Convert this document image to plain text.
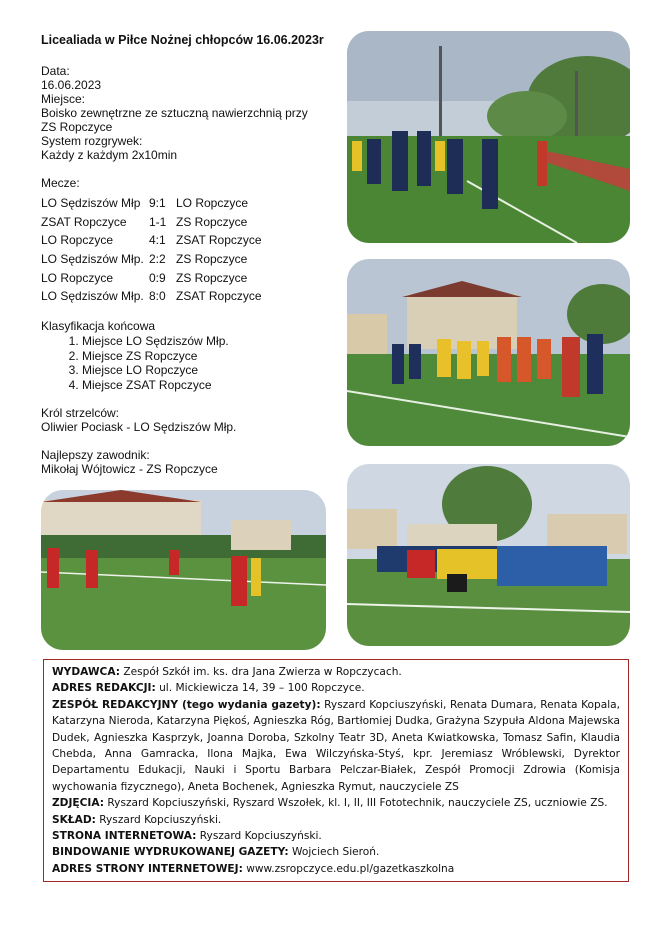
Licealiada w Piłce Nożnej chłopców 16.06.2023r
Data:
16.06.2023
Miejsce:
Boisko zewnętrzne ze sztuczną nawierzchnią przy
ZS Ropczyce
System rozgrywek:
Każdy z każdym 2x10min
Mecze:
LO Sędziszów Młp	9:1	LO Ropczyce
ZSAT Ropczyce	1-1	ZS Ropczyce
LO Ropczyce	4:1	ZSAT Ropczyce
LO Sędziszów Młp.	2:2	ZS Ropczyce
LO Ropczyce	0:9	ZS Ropczyce
LO Sędziszów Młp.	8:0	ZSAT Ropczyce
Klasyfikacja końcowa
1. Miejsce LO Sędziszów Młp.
2. Miejsce ZS Ropczyce
3. Miejsce LO Ropczyce
4. Miejsce ZSAT Ropczyce
Król strzelców:
Oliwier Pociask - LO Sędziszów Młp.
Najlepszy zawodnik:
Mikołaj Wójtowicz - ZS Ropczyce

WYDAWCA: Zespół Szkół im. ks. dra Jana Zwierza w Ropczycach.

ADRES REDAKCJI: ul. Mickiewicza 14, 39 – 100 Ropczyce.

ZESPÓŁ REDAKCYJNY (tego wydania gazety): Ryszard Kopciuszyński, Renata Dumara, Renata Kopala, Katarzyna Nieroda, Katarzyna Piękoś, Agnieszka Róg, Bartłomiej Dudka, Grażyna Szypuła Aldona Majewska Dudek, Agnieszka Kasprzyk, Joanna Doroba, Szkolny Teatr 3D, Aneta Kwiatkowska, Tomasz Safin, Klaudia Chebda, Anna Gamracka, Ilona Majka, Ewa Wilczyńska-Styś, kpr. Jeremiasz Wróblewski, Dyrektor Departamentu Edukacji, Nauki i Sportu Barbara Pelczar-Białek, Zespół Promocji Zdrowia (Komisja wychowania fizycznego), Aneta Bochenek, Agnieszka Rymut, nauczyciele ZS

ZDJĘCIA: Ryszard Kopciuszyński, Ryszard Wszołek, kl. I, II, III Fototechnik, nauczyciele ZS, uczniowie ZS.

SKŁAD: Ryszard Kopciuszyński.

STRONA INTERNETOWA: Ryszard Kopciuszyński.

BINDOWANIE WYDRUKOWANEJ GAZETY: Wojciech Sieroń.

ADRES STRONY INTERNETOWEJ: www.zsropczyce.edu.pl/gazetkaszkolna
